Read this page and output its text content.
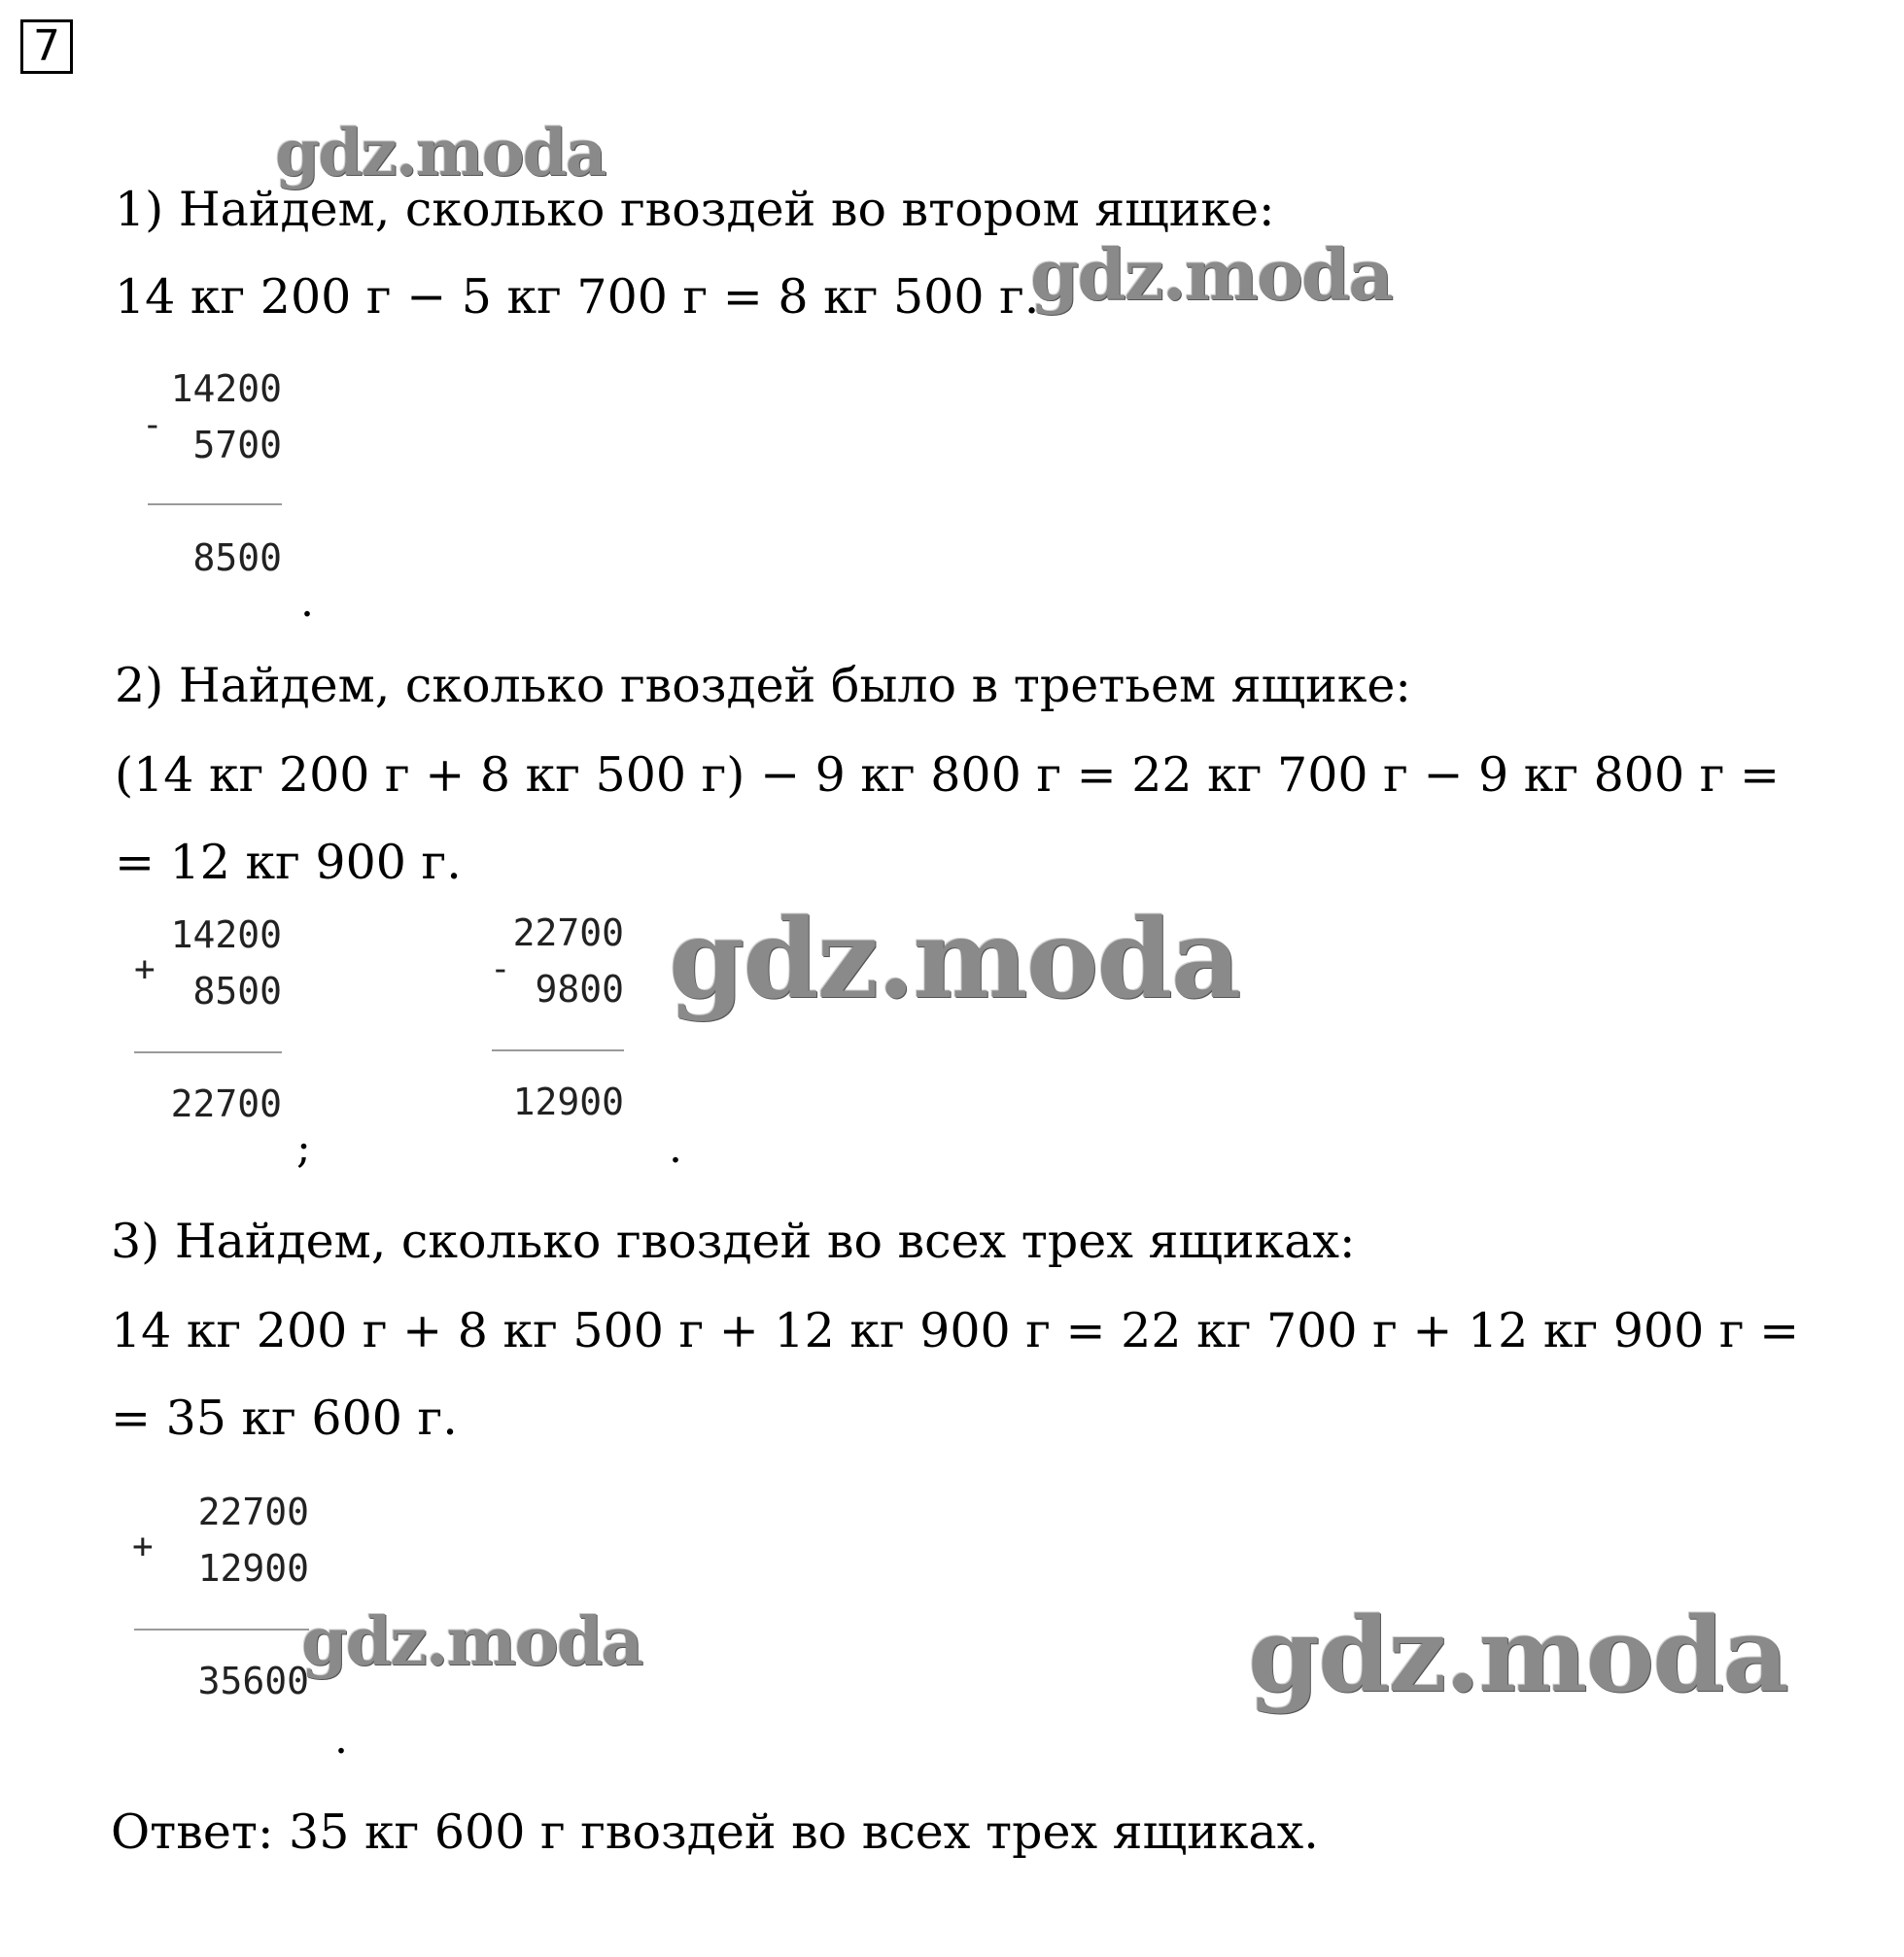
7
1) Найдем, сколько гвоздей во втором ящике:
14 кг 200 г − 5 кг 700 г = 8 кг 500 г.
14200
- 5700
8500
.
2) Найдем, сколько гвоздей было в третьем ящике:
(14 кг 200 г + 8 кг 500 г) − 9 кг 800 г = 22 кг 700 г − 9 кг 800 г =
= 12 кг 900 г.
14200
+
8500
22700
;
22700
- 9800
12900
.
3) Найдем, сколько гвоздей во всех трех ящиках:
14 кг 200 г + 8 кг 500 г + 12 кг 900 г = 22 кг 700 г + 12 кг 900 г =
= 35 кг 600 г.
22700
+
12900
35600
.
Ответ: 35 кг 600 г гвоздей во всех трех ящиках.
gdz.moda
gdz.moda
gdz.moda
gdz.moda	gdz.moda
